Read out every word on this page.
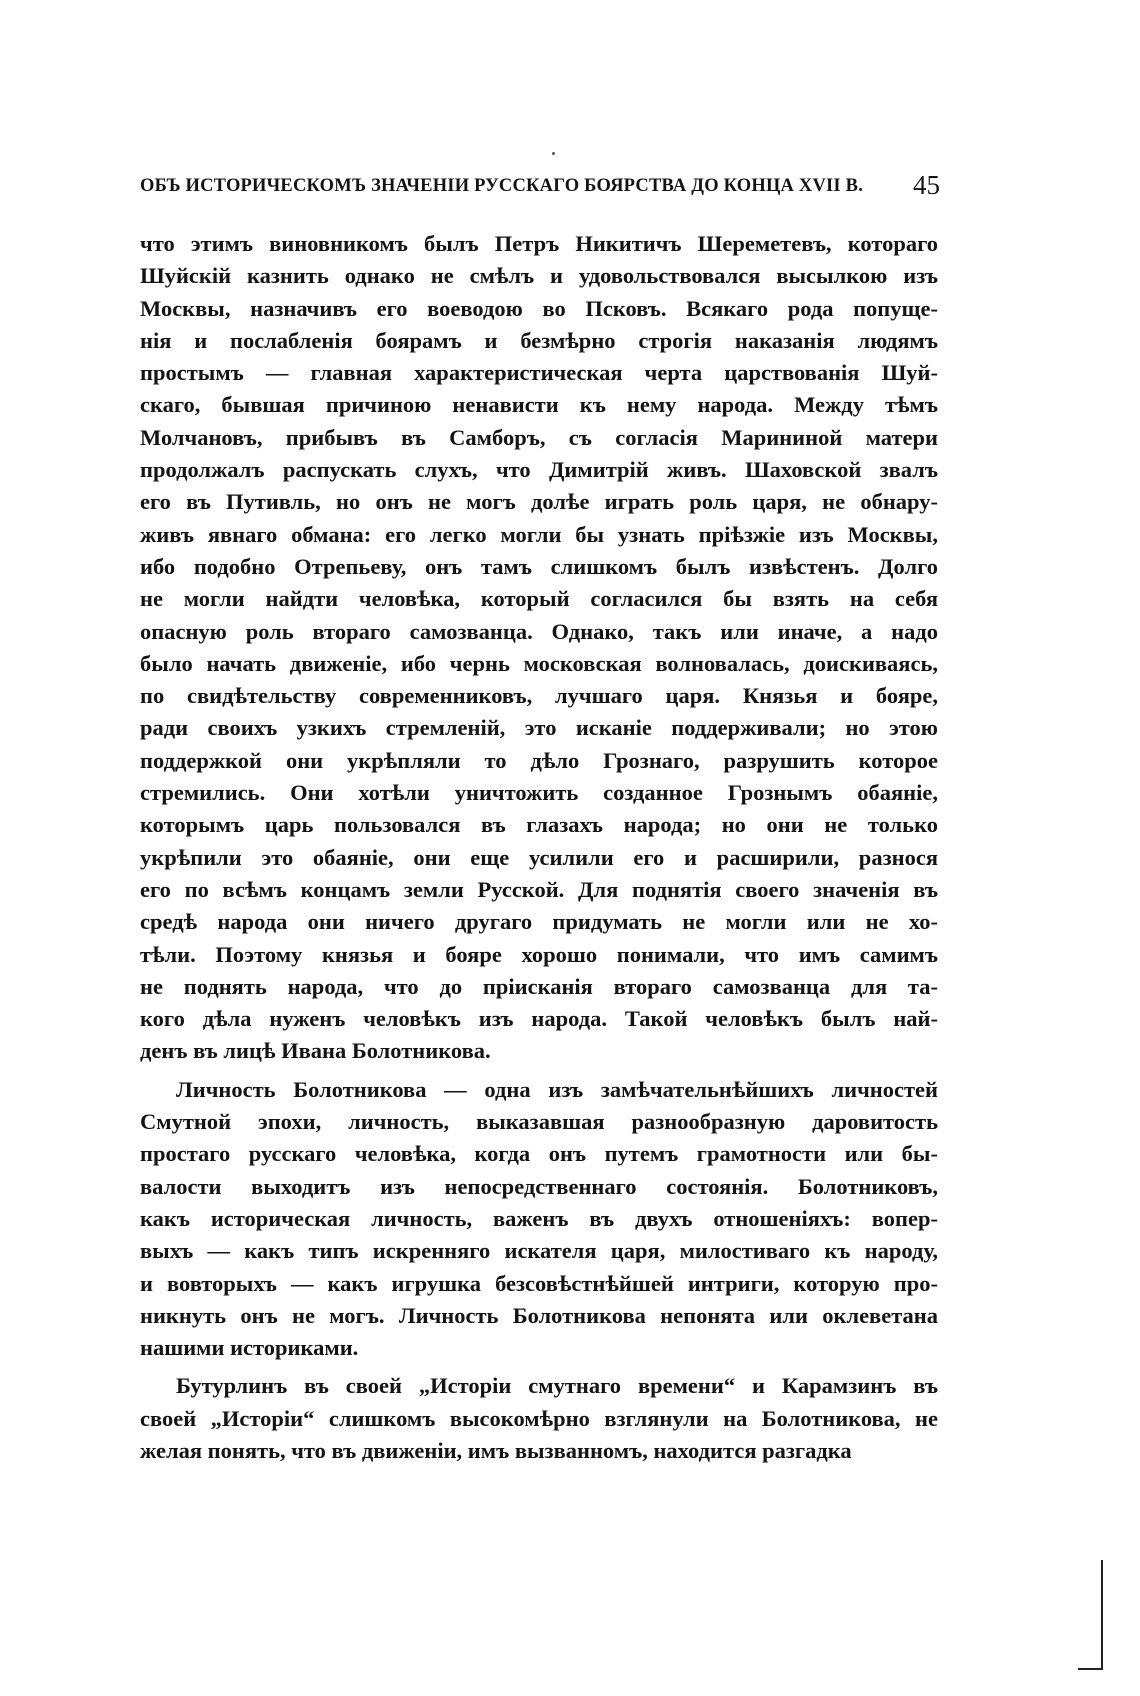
ОБЪ ИСТОРИЧЕСКОМЪ ЗНАЧЕНІИ РУССКАГО БОЯРСТВА ДО КОНЦА XVII В. 45
что этимъ виновникомъ былъ Петръ Никитичъ Шереметевъ, котораго
Шуйскій казнить однако не смѣлъ и удовольствовался высылкою изъ
Москвы, назначивъ его воеводою во Псковъ. Всякаго рода попуще-
нія и послабленія боярамъ и безмѣрно строгія наказанія людямъ
простымъ — главная характеристическая черта царствованія Шуй-
скаго, бывшая причиною ненависти къ нему народа. Между тѣмъ
Молчановъ, прибывъ въ Самборъ, съ согласія Марининой матери
продолжалъ распускать слухъ, что Димитрій живъ. Шаховской звалъ
его въ Путивль, но онъ не могъ долѣе играть роль царя, не обнару-
живъ явнаго обмана: его легко могли бы узнать пріѣзжіе изъ Москвы,
ибо подобно Отрепьеву, онъ тамъ слишкомъ былъ извѣстенъ. Долго
не могли найдти человѣка, который согласился бы взять на себя
опасную роль втораго самозванца. Однако, такъ или иначе, а надо
было начать движеніе, ибо чернь московская волновалась, доискиваясь,
по свидѣтельству современниковъ, лучшаго царя. Князья и бояре,
ради своихъ узкихъ стремленій, это исканіе поддерживали; но этою
поддержкой они укрѣпляли то дѣло Грознаго, разрушить которое
стремились. Они хотѣли уничтожить созданное Грознымъ обаяніе,
которымъ царь пользовался въ глазахъ народа; но они не только
укрѣпили это обаяніе, они еще усилили его и расширили, разнося
его по всѣмъ концамъ земли Русской. Для поднятія своего значенія въ
средѣ народа они ничего другаго придумать не могли или не хо-
тѣли. Поэтому князья и бояре хорошо понимали, что имъ самимъ
не поднять народа, что до пріисканія втораго самозванца для та-
кого дѣла нуженъ человѣкъ изъ народа. Такой человѣкъ былъ най-
денъ въ лицѣ Ивана Болотникова.
Личность Болотникова — одна изъ замѣчательнѣйшихъ личностей
Смутной эпохи, личность, выказавшая разнообразную даровитость
простаго русскаго человѣка, когда онъ путемъ грамотности или бы-
валости выходитъ изъ непосредственнаго состоянія. Болотниковъ,
какъ историческая личность, важенъ въ двухъ отношеніяхъ: вопер-
выхъ — какъ типъ искренняго искателя царя, милостиваго къ народу,
и вовторыхъ — какъ игрушка безсовѣстнѣйшей интриги, которую про-
никнуть онъ не могъ. Личность Болотникова непонята или оклеветана
нашими историками.
Бутурлинъ въ своей „Исторіи смутнаго времени“ и Карамзинъ въ
своей „Исторіи“ слишкомъ высокомѣрно взглянули на Болотникова, не
желая понять, что въ движеніи, имъ вызванномъ, находится разгадка
